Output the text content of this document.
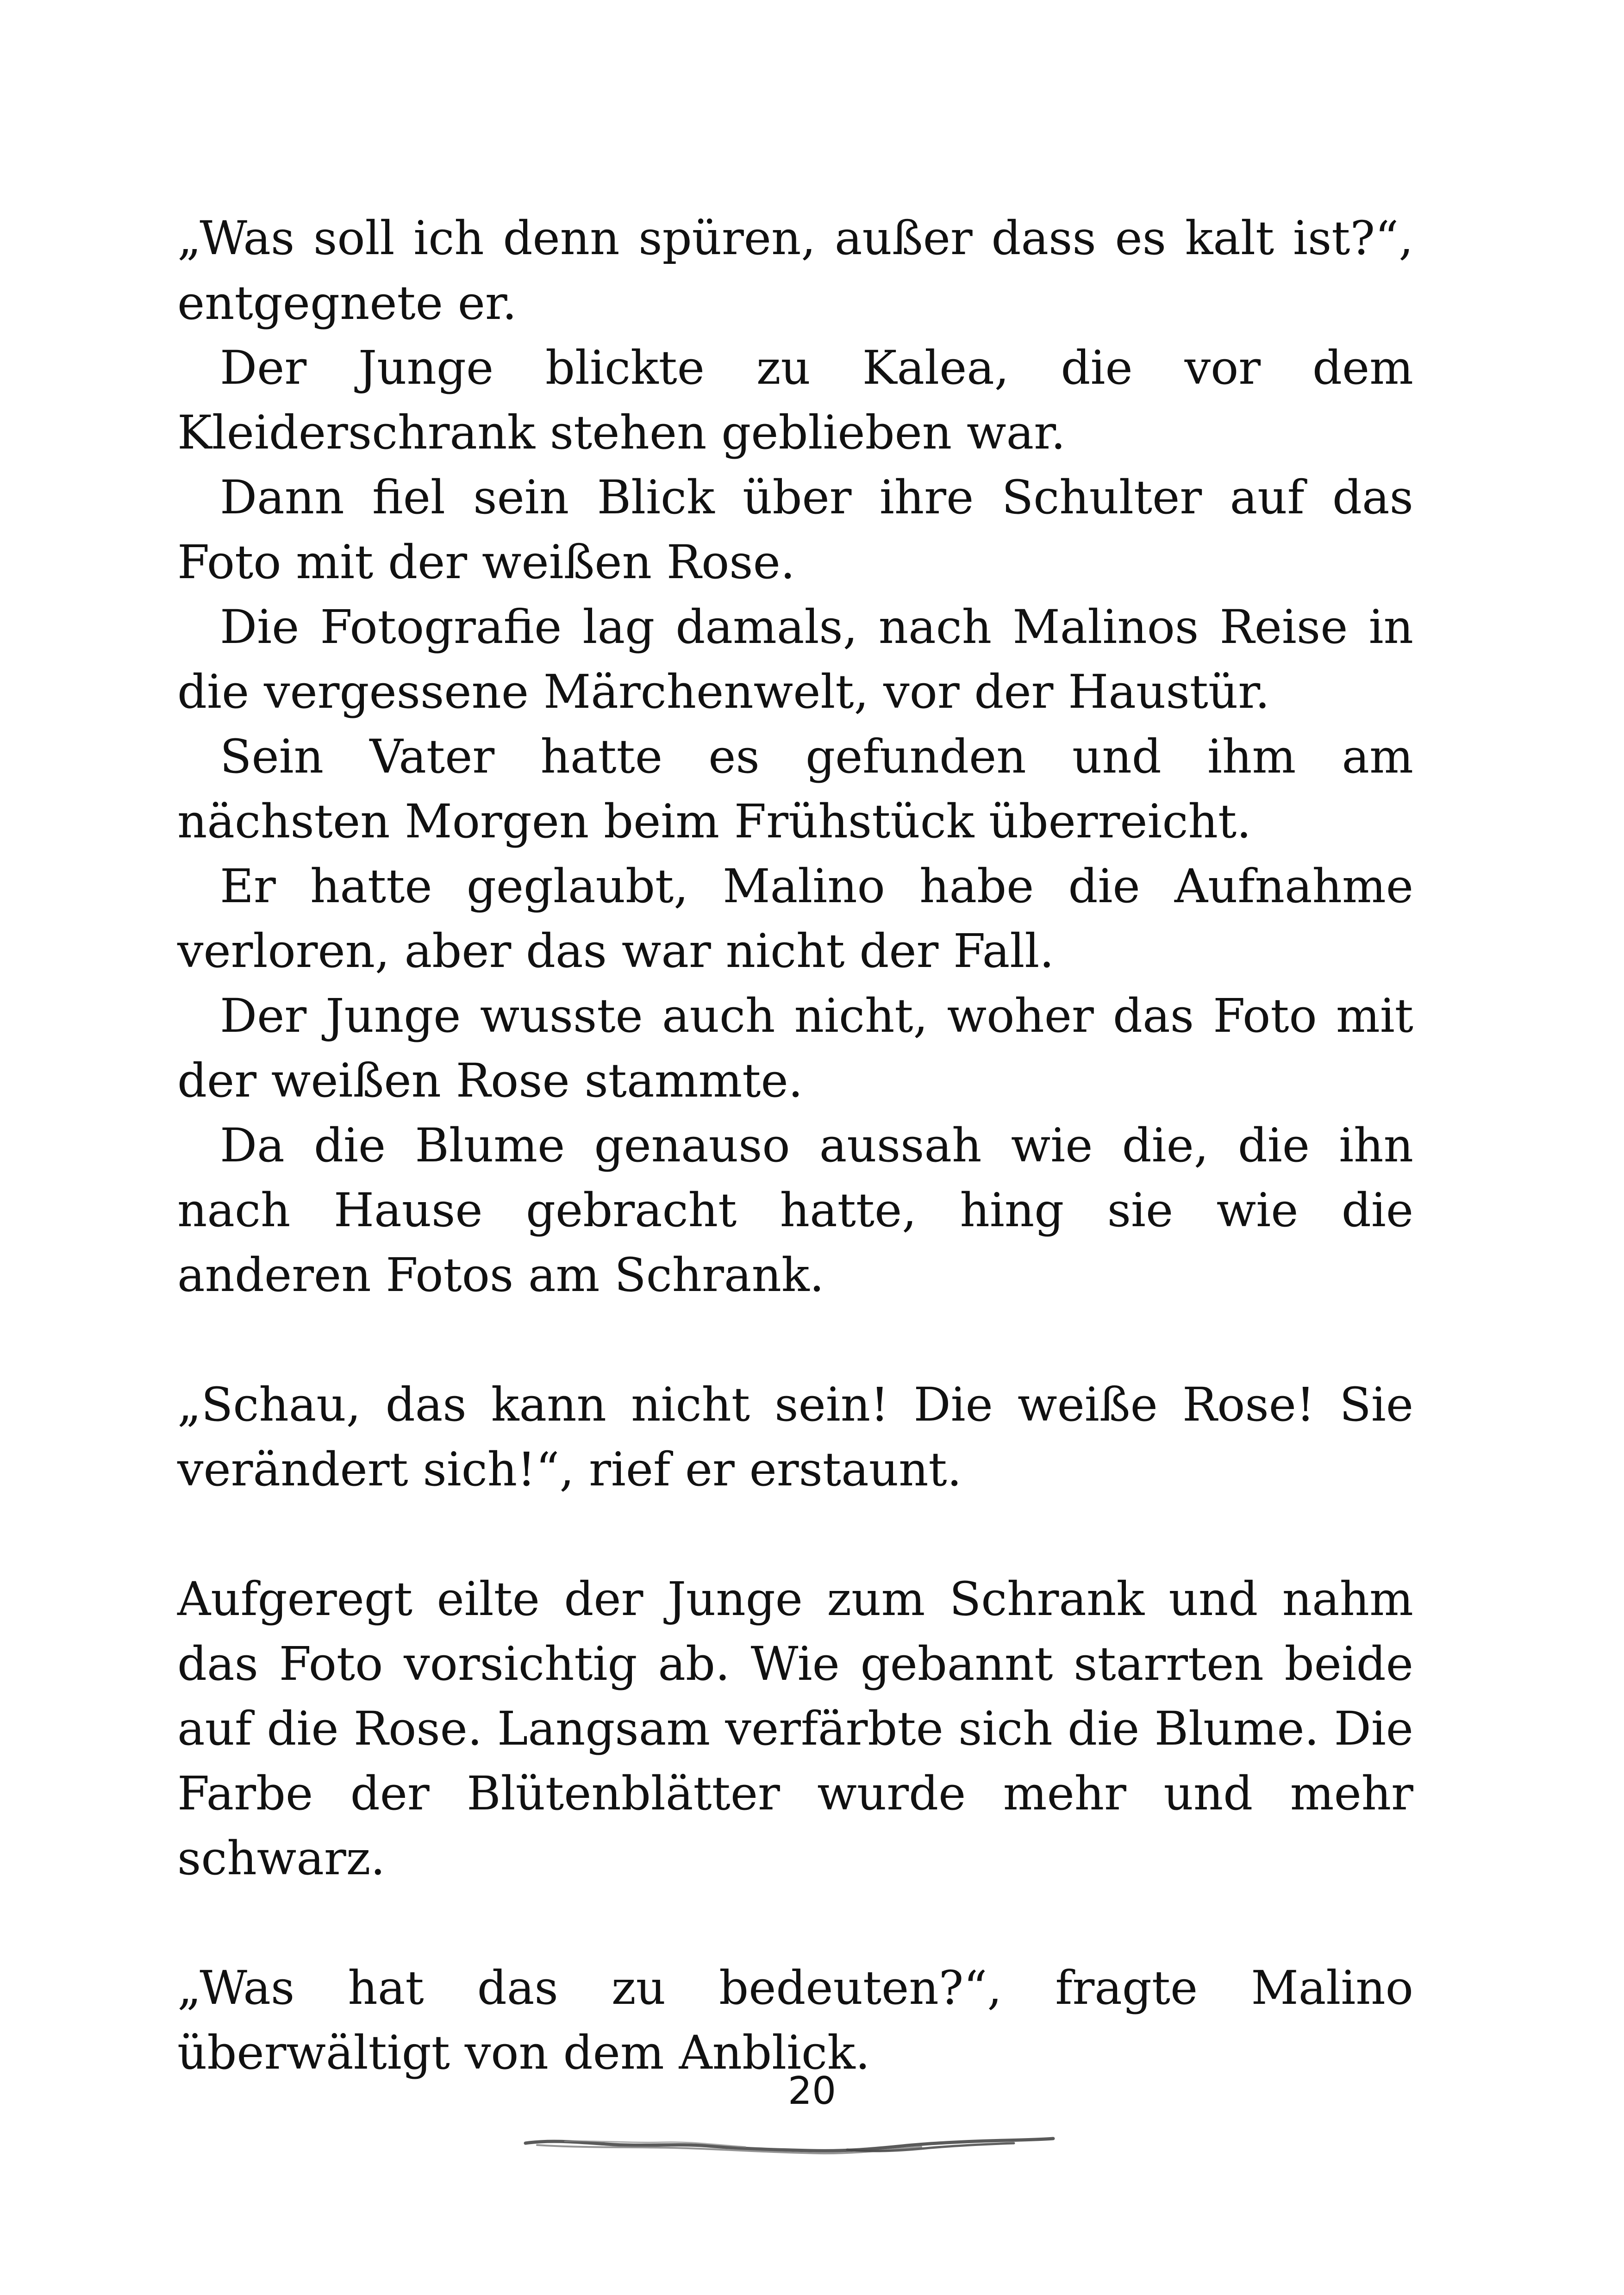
„Was soll ich denn spüren, außer dass es kalt ist?“, entgegnete er.

Der Junge blickte zu Kalea, die vor dem Kleiderschrank stehen geblieben war.

Dann fiel sein Blick über ihre Schulter auf das Foto mit der weißen Rose.

Die Fotografie lag damals, nach Malinos Reise in die vergessene Märchenwelt, vor der Haustür.

Sein Vater hatte es gefunden und ihm am nächsten Morgen beim Frühstück überreicht.

Er hatte geglaubt, Malino habe die Aufnahme verloren, aber das war nicht der Fall.

Der Junge wusste auch nicht, woher das Foto mit der weißen Rose stammte.

Da die Blume genauso aussah wie die, die ihn nach Hause gebracht hatte, hing sie wie die anderen Fotos am Schrank.

„Schau, das kann nicht sein! Die weiße Rose! Sie verändert sich!“, rief er erstaunt.

Aufgeregt eilte der Junge zum Schrank und nahm das Foto vorsichtig ab. Wie gebannt starrten beide auf die Rose. Langsam verfärbte sich die Blume. Die Farbe der Blütenblätter wurde mehr und mehr schwarz.

„Was hat das zu bedeuten?“, fragte Malino überwältigt von dem Anblick.

20
